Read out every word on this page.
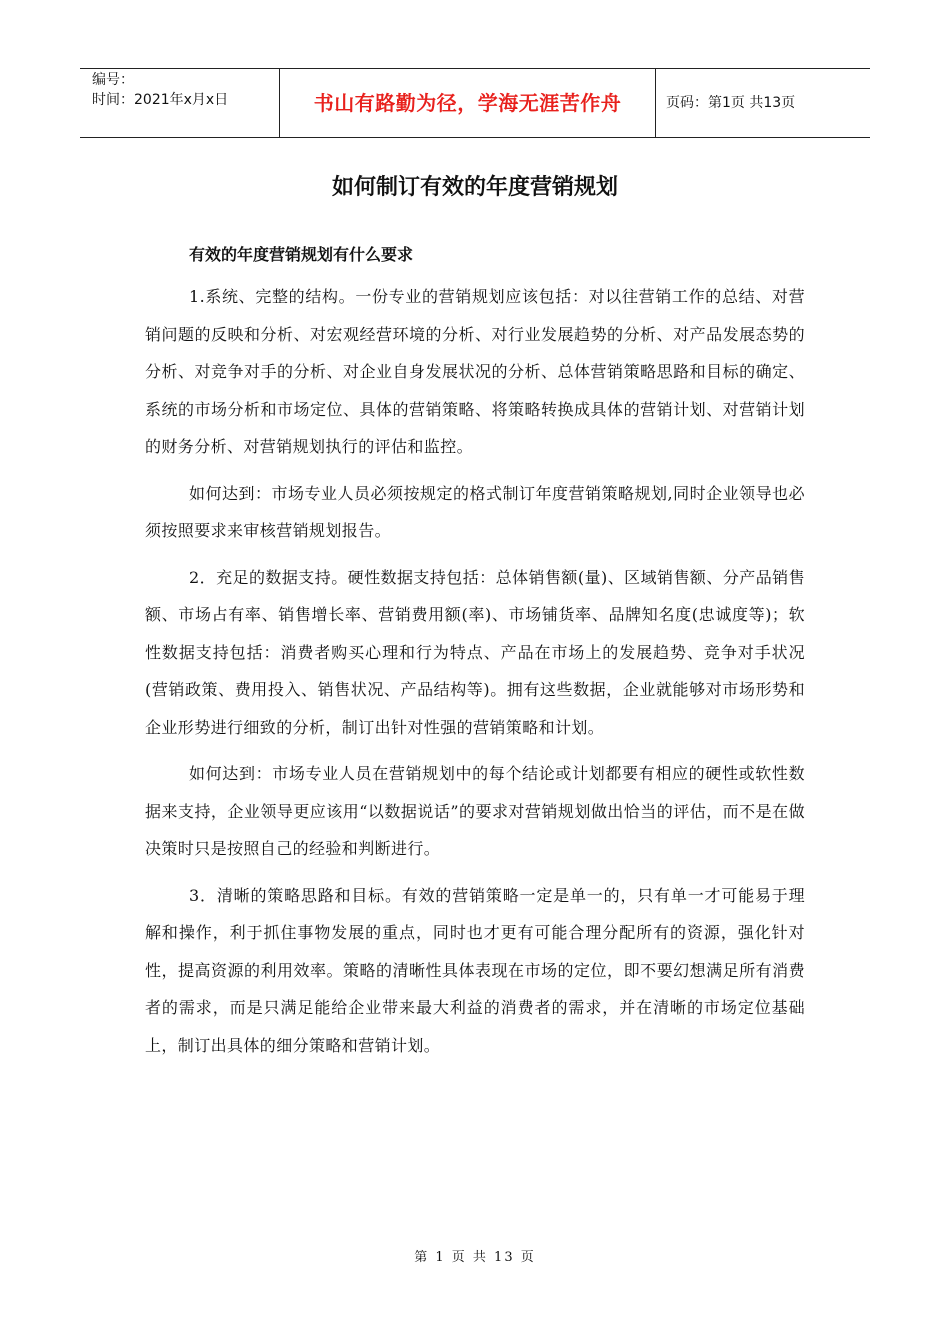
编号：
时间：2021年x月x日	书山有路勤为径，学海无涯苦作舟	页码：第1页 共13页
如何制订有效的年度营销规划
有效的年度营销规划有什么要求

1.系统、完整的结构。一份专业的营销规划应该包括：对以往营销工作的总结、对营销问题的反映和分析、对宏观经营环境的分析、对行业发展趋势的分析、对产品发展态势的分析、对竞争对手的分析、对企业自身发展状况的分析、总体营销策略思路和目标的确定、系统的市场分析和市场定位、具体的营销策略、将策略转换成具体的营销计划、对营销计划的财务分析、对营销规划执行的评估和监控。

如何达到：市场专业人员必须按规定的格式制订年度营销策略规划,同时企业领导也必须按照要求来审核营销规划报告。

2．充足的数据支持。硬性数据支持包括：总体销售额(量)、区域销售额、分产品销售额、市场占有率、销售增长率、营销费用额(率)、市场铺货率、品牌知名度(忠诚度等)；软性数据支持包括：消费者购买心理和行为特点、产品在市场上的发展趋势、竞争对手状况(营销政策、费用投入、销售状况、产品结构等)。拥有这些数据，企业就能够对市场形势和企业形势进行细致的分析，制订出针对性强的营销策略和计划。

如何达到：市场专业人员在营销规划中的每个结论或计划都要有相应的硬性或软性数据来支持，企业领导更应该用“以数据说话”的要求对营销规划做出恰当的评估，而不是在做决策时只是按照自己的经验和判断进行。

3．清晰的策略思路和目标。有效的营销策略一定是单一的，只有单一才可能易于理解和操作，利于抓住事物发展的重点，同时也才更有可能合理分配所有的资源，强化针对性，提高资源的利用效率。策略的清晰性具体表现在市场的定位，即不要幻想满足所有消费者的需求，而是只满足能给企业带来最大利益的消费者的需求，并在清晰的市场定位基础上，制订出具体的细分策略和营销计划。

第 1 页 共 13 页
